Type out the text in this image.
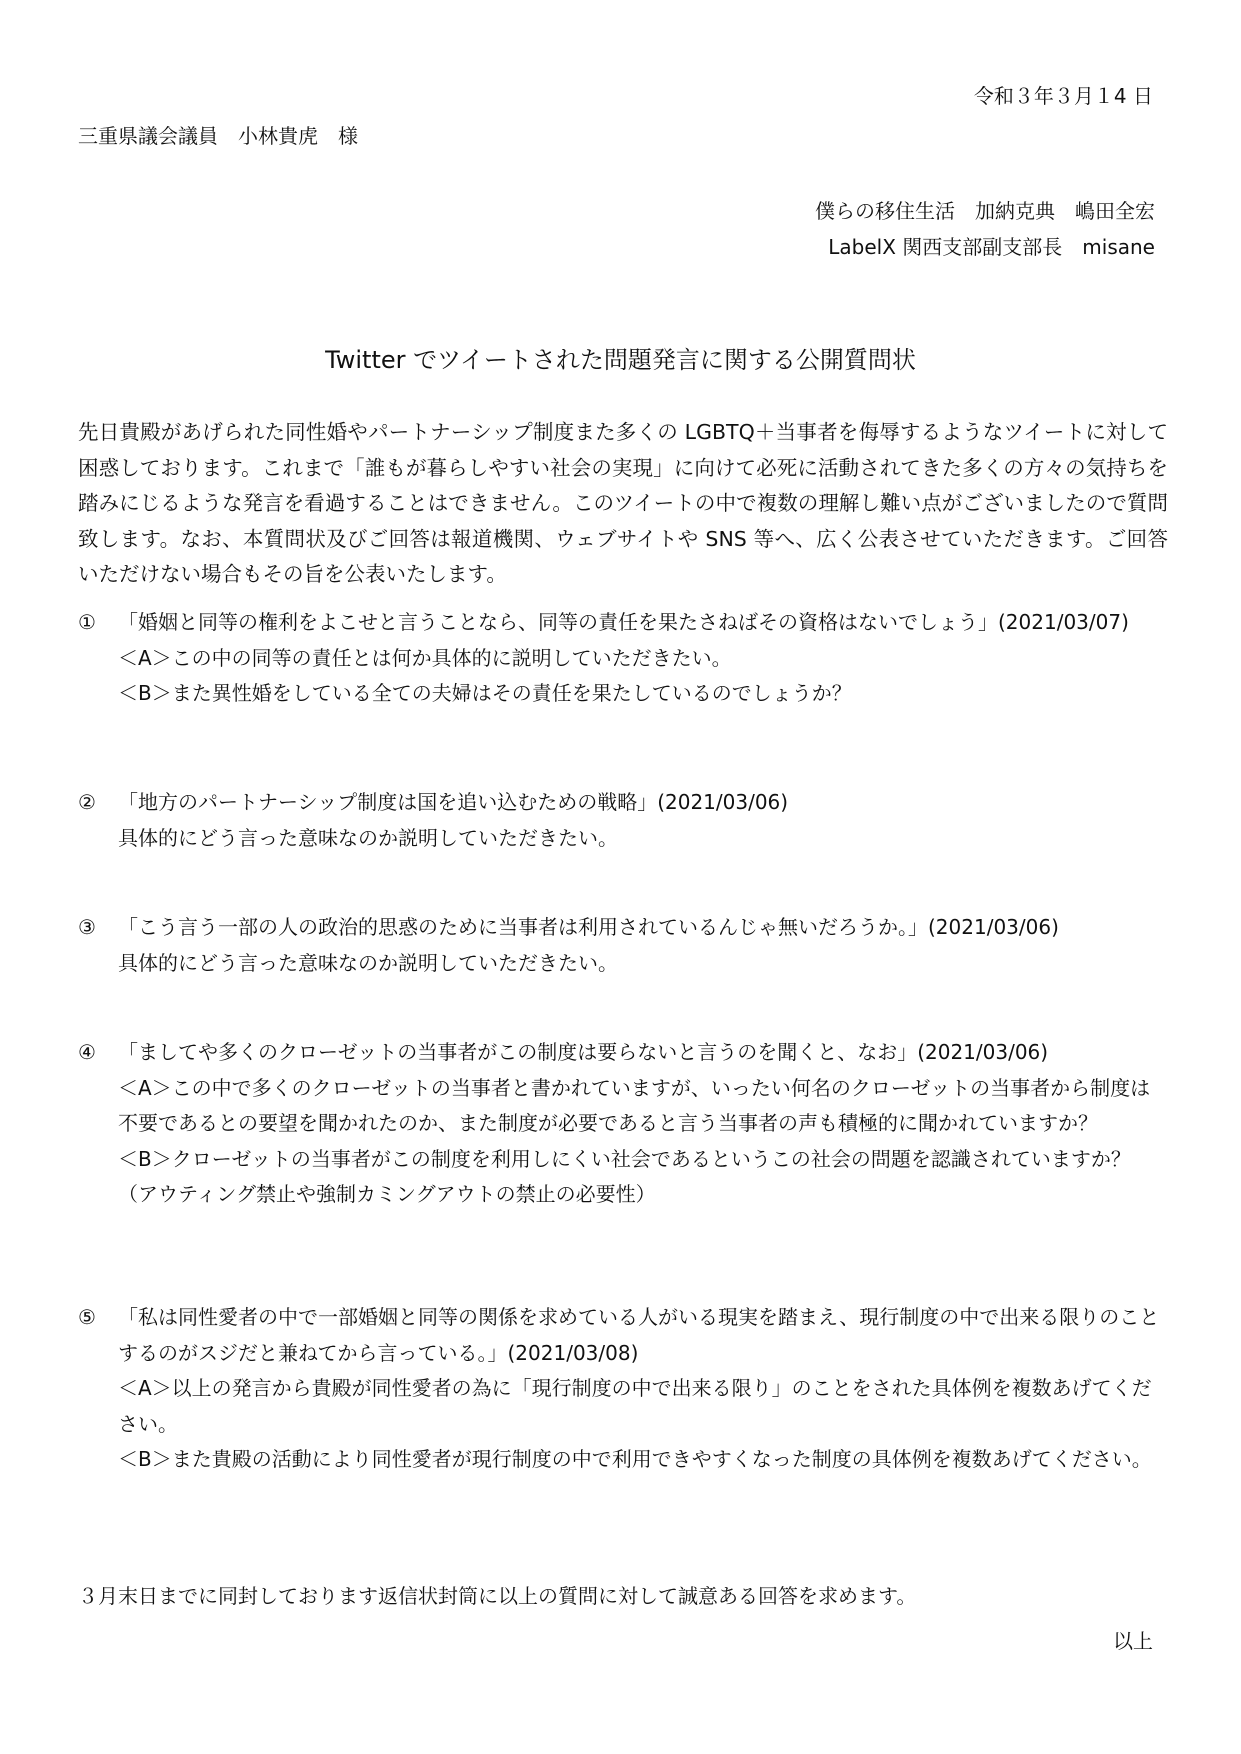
令和３年３月１4 日
三重県議会議員　小林貴虎　様
僕らの移住生活　加納克典　嶋田全宏
LabelX 関西支部副支部長　misane
Twitter でツイートされた問題発言に関する公開質問状
先日貴殿があげられた同性婚やパートナーシップ制度また多くの LGBTQ＋当事者を侮辱するようなツイートに対して困惑しております。これまで「誰もが暮らしやすい社会の実現」に向けて必死に活動されてきた多くの方々の気持ちを踏みにじるような発言を看過することはできません。このツイートの中で複数の理解し難い点がございましたので質問致します。なお、本質問状及びご回答は報道機関、ウェブサイトや SNS 等へ、広く公表させていただきます。ご回答いただけない場合もその旨を公表いたします。
①	「婚姻と同等の権利をよこせと言うことなら、同等の責任を果たさねばその資格はないでしょう」(2021/03/07)
＜A＞この中の同等の責任とは何か具体的に説明していただきたい。
＜B＞また異性婚をしている全ての夫婦はその責任を果たしているのでしょうか？
②	「地方のパートナーシップ制度は国を追い込むための戦略」(2021/03/06)
具体的にどう言った意味なのか説明していただきたい。
③	「こう言う一部の人の政治的思惑のために当事者は利用されているんじゃ無いだろうか。」(2021/03/06)
具体的にどう言った意味なのか説明していただきたい。
④	「ましてや多くのクローゼットの当事者がこの制度は要らないと言うのを聞くと、なお」(2021/03/06)
＜A＞この中で多くのクローゼットの当事者と書かれていますが、いったい何名のクローゼットの当事者から制度は不要であるとの要望を聞かれたのか、また制度が必要であると言う当事者の声も積極的に聞かれていますか？
＜B＞クローゼットの当事者がこの制度を利用しにくい社会であるというこの社会の問題を認識されていますか？（アウティング禁止や強制カミングアウトの禁止の必要性）
⑤	「私は同性愛者の中で一部婚姻と同等の関係を求めている人がいる現実を踏まえ、現行制度の中で出来る限りのことするのがスジだと兼ねてから言っている。」(2021/03/08)
＜A＞以上の発言から貴殿が同性愛者の為に「現行制度の中で出来る限り」のことをされた具体例を複数あげてください。
＜B＞また貴殿の活動により同性愛者が現行制度の中で利用できやすくなった制度の具体例を複数あげてください。
３月末日までに同封しております返信状封筒に以上の質問に対して誠意ある回答を求めます。
以上
